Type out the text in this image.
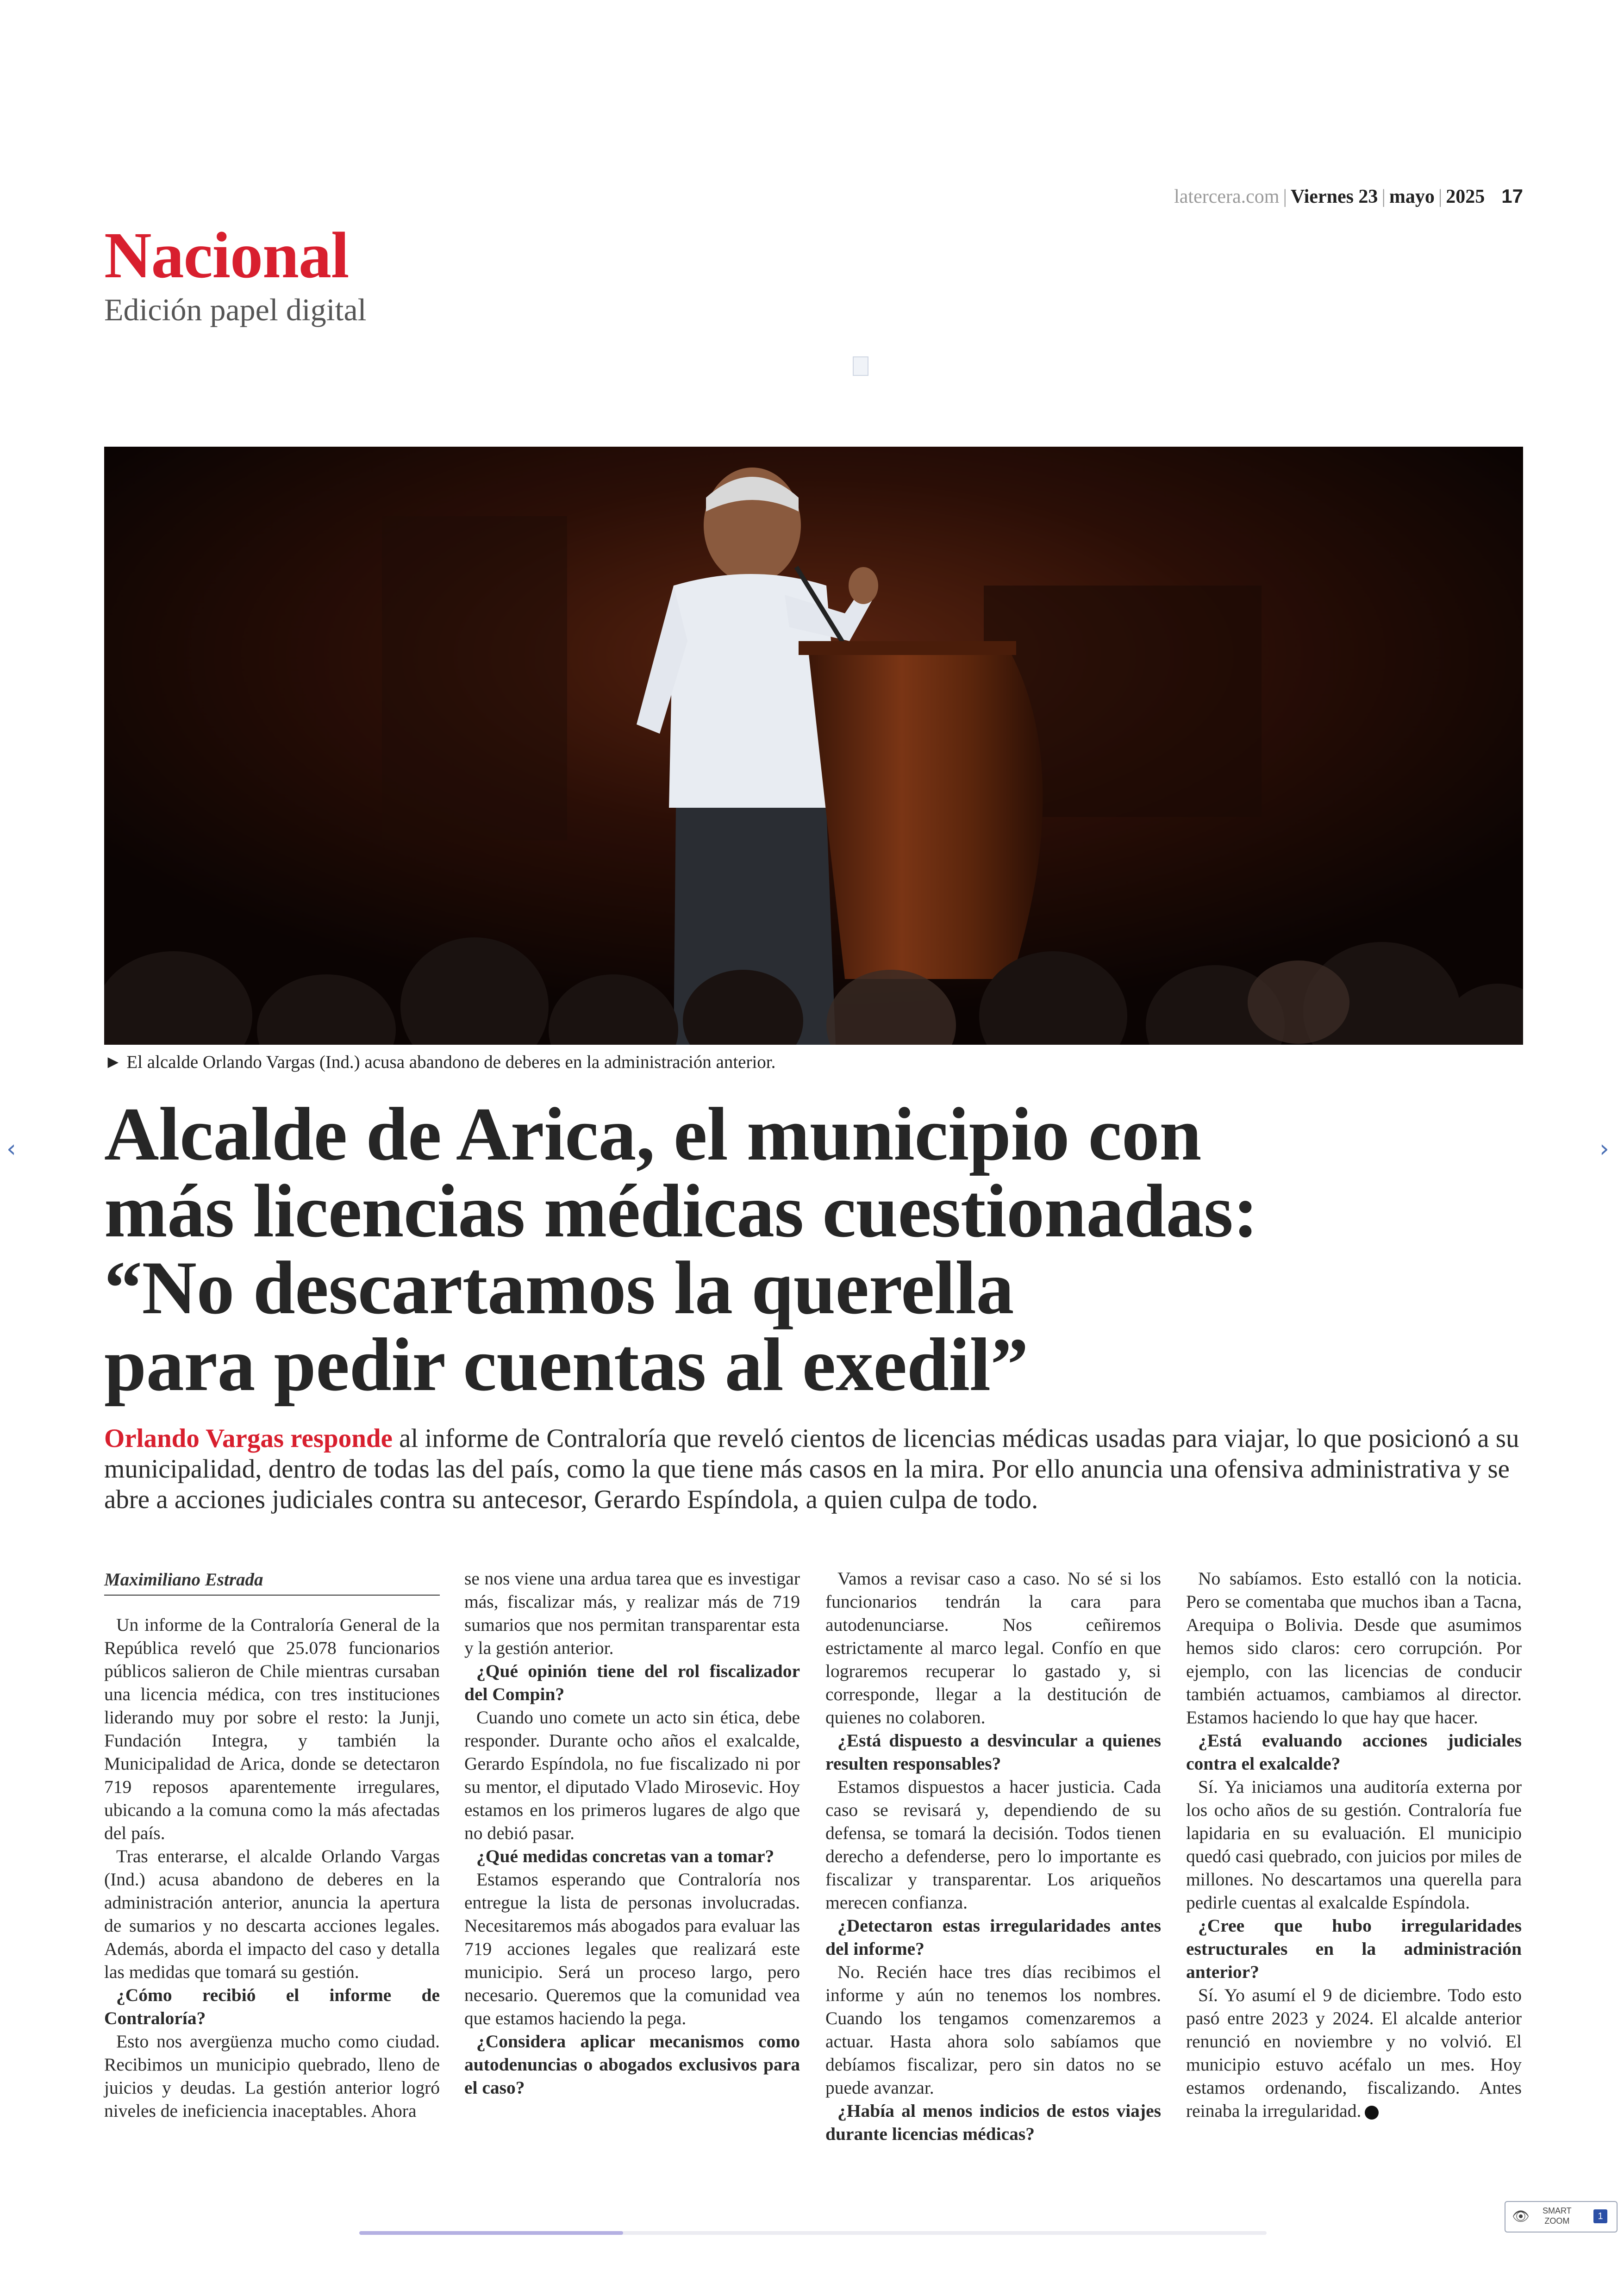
latercera.com | Viernes 23 | mayo | 2025 17
Nacional
Edición papel digital
► El alcalde Orlando Vargas (Ind.) acusa abandono de deberes en la administración anterior.
‹	›
Alcalde de Arica, el municipio con
más licencias médicas cuestionadas:
“No descartamos la querella
para pedir cuentas al exedil”
Orlando Vargas responde al informe de Contraloría que reveló cientos de licencias médicas usadas para viajar, lo que posicionó a su municipalidad, dentro de todas las del país, como la que tiene más casos en la mira. Por ello anuncia una ofensiva administrativa y se abre a acciones judiciales contra su antecesor, Gerardo Espíndola, a quien culpa de todo.
Maximiliano Estrada

Un informe de la Contraloría General de la República reveló que 25.078 funcionarios públicos salieron de Chile mientras cursaban una licencia médica, con tres instituciones liderando muy por sobre el resto: la Junji, Fundación Integra, y también la Municipalidad de Arica, donde se detectaron 719 reposos aparentemente irregulares, ubicando a la comuna como la más afectadas del país.

Tras enterarse, el alcalde Orlando Vargas (Ind.) acusa abandono de deberes en la administración anterior, anuncia la apertura de sumarios y no descarta acciones legales. Además, aborda el impacto del caso y detalla las medidas que tomará su gestión.

¿Cómo recibió el informe de Contraloría?

Esto nos avergüenza mucho como ciudad. Recibimos un municipio quebrado, lleno de juicios y deudas. La gestión anterior logró niveles de ineficiencia inaceptables. Ahora

se nos viene una ardua tarea que es investigar más, fiscalizar más, y realizar más de 719 sumarios que nos permitan transparentar esta y la gestión anterior.

¿Qué opinión tiene del rol fiscalizador del Compin?

Cuando uno comete un acto sin ética, debe responder. Durante ocho años el exalcalde, Gerardo Espíndola, no fue fiscalizado ni por su mentor, el diputado Vlado Mirosevic. Hoy estamos en los primeros lugares de algo que no debió pasar.

¿Qué medidas concretas van a tomar?

Estamos esperando que Contraloría nos entregue la lista de personas involucradas. Necesitaremos más abogados para evaluar las 719 acciones legales que realizará este municipio. Será un proceso largo, pero necesario. Queremos que la comunidad vea que estamos haciendo la pega.

¿Considera aplicar mecanismos como autodenuncias o abogados exclusivos para el caso?

Vamos a revisar caso a caso. No sé si los funcionarios tendrán la cara para autodenunciarse. Nos ceñiremos estrictamente al marco legal. Confío en que lograremos recuperar lo gastado y, si corresponde, llegar a la destitución de quienes no colaboren.

¿Está dispuesto a desvincular a quienes resulten responsables?

Estamos dispuestos a hacer justicia. Cada caso se revisará y, dependiendo de su defensa, se tomará la decisión. Todos tienen derecho a defenderse, pero lo importante es fiscalizar y transparentar. Los ariqueños merecen confianza.

¿Detectaron estas irregularidades antes del informe?

No. Recién hace tres días recibimos el informe y aún no tenemos los nombres. Cuando los tengamos comenzaremos a actuar. Hasta ahora solo sabíamos que debíamos fiscalizar, pero sin datos no se puede avanzar.

¿Había al menos indicios de estos viajes durante licencias médicas?

No sabíamos. Esto estalló con la noticia. Pero se comentaba que muchos iban a Tacna, Arequipa o Bolivia. Desde que asumimos hemos sido claros: cero corrupción. Por ejemplo, con las licencias de conducir también actuamos, cambiamos al director. Estamos haciendo lo que hay que hacer.

¿Está evaluando acciones judiciales contra el exalcalde?

Sí. Ya iniciamos una auditoría externa por los ocho años de su gestión. Contraloría fue lapidaria en su evaluación. El municipio quedó casi quebrado, con juicios por miles de millones. No descartamos una querella para pedirle cuentas al exalcalde Espíndola.

¿Cree que hubo irregularidades estructurales en la administración anterior?

Sí. Yo asumí el 9 de diciembre. Todo esto pasó entre 2023 y 2024. El alcalde anterior renunció en noviembre y no volvió. El municipio estuvo acéfalo un mes. Hoy estamos ordenando, fiscalizando. Antes reinaba la irregularidad.

👁 SMART
ZOOM	1
